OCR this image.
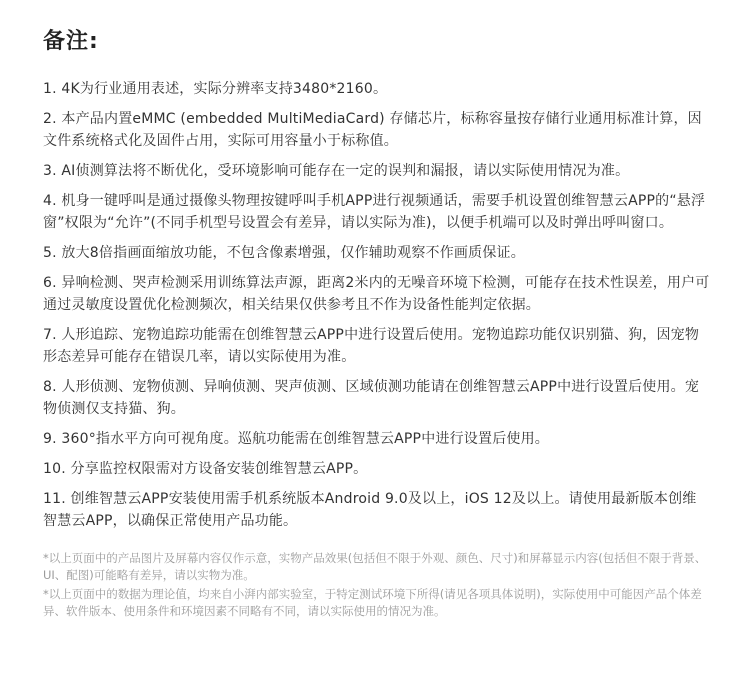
备注:
1. 4K为行业通用表述，实际分辨率支持3480*2160。
2. 本产品内置eMMC (embedded MultiMediaCard) 存储芯片，标称容量按存储行业通用标准计算，因文件系统格式化及固件占用，实际可用容量小于标称值。
3. AI侦测算法将不断优化，受环境影响可能存在一定的误判和漏报，请以实际使用情况为准。
4. 机身一键呼叫是通过摄像头物理按键呼叫手机APP进行视频通话，需要手机设置创维智慧云APP的“悬浮窗”权限为“允许”(不同手机型号设置会有差异，请以实际为准)，以便手机端可以及时弹出呼叫窗口。
5. 放大8倍指画面缩放功能，不包含像素增强，仅作辅助观察不作画质保证。
6. 异响检测、哭声检测采用训练算法声源，距离2米内的无噪音环境下检测，可能存在技术性误差，用户可通过灵敏度设置优化检测频次，相关结果仅供参考且不作为设备性能判定依据。
7. 人形追踪、宠物追踪功能需在创维智慧云APP中进行设置后使用。宠物追踪功能仅识别猫、狗，因宠物形态差异可能存在错误几率，请以实际使用为准。
8. 人形侦测、宠物侦测、异响侦测、哭声侦测、区域侦测功能请在创维智慧云APP中进行设置后使用。宠物侦测仅支持猫、狗。
9. 360°指水平方向可视角度。巡航功能需在创维智慧云APP中进行设置后使用。
10. 分享监控权限需对方设备安装创维智慧云APP。
11. 创维智慧云APP安装使用需手机系统版本Android 9.0及以上，iOS 12及以上。请使用最新版本创维智慧云APP，以确保正常使用产品功能。
*以上页面中的产品图片及屏幕内容仅作示意，实物产品效果(包括但不限于外观、颜色、尺寸)和屏幕显示内容(包括但不限于背景、UI、配图)可能略有差异，请以实物为准。
*以上页面中的数据为理论值，均来自小湃内部实验室，于特定测试环境下所得(请见各项具体说明)，实际使用中可能因产品个体差异、软件版本、使用条件和环境因素不同略有不同，请以实际使用的情况为准。
